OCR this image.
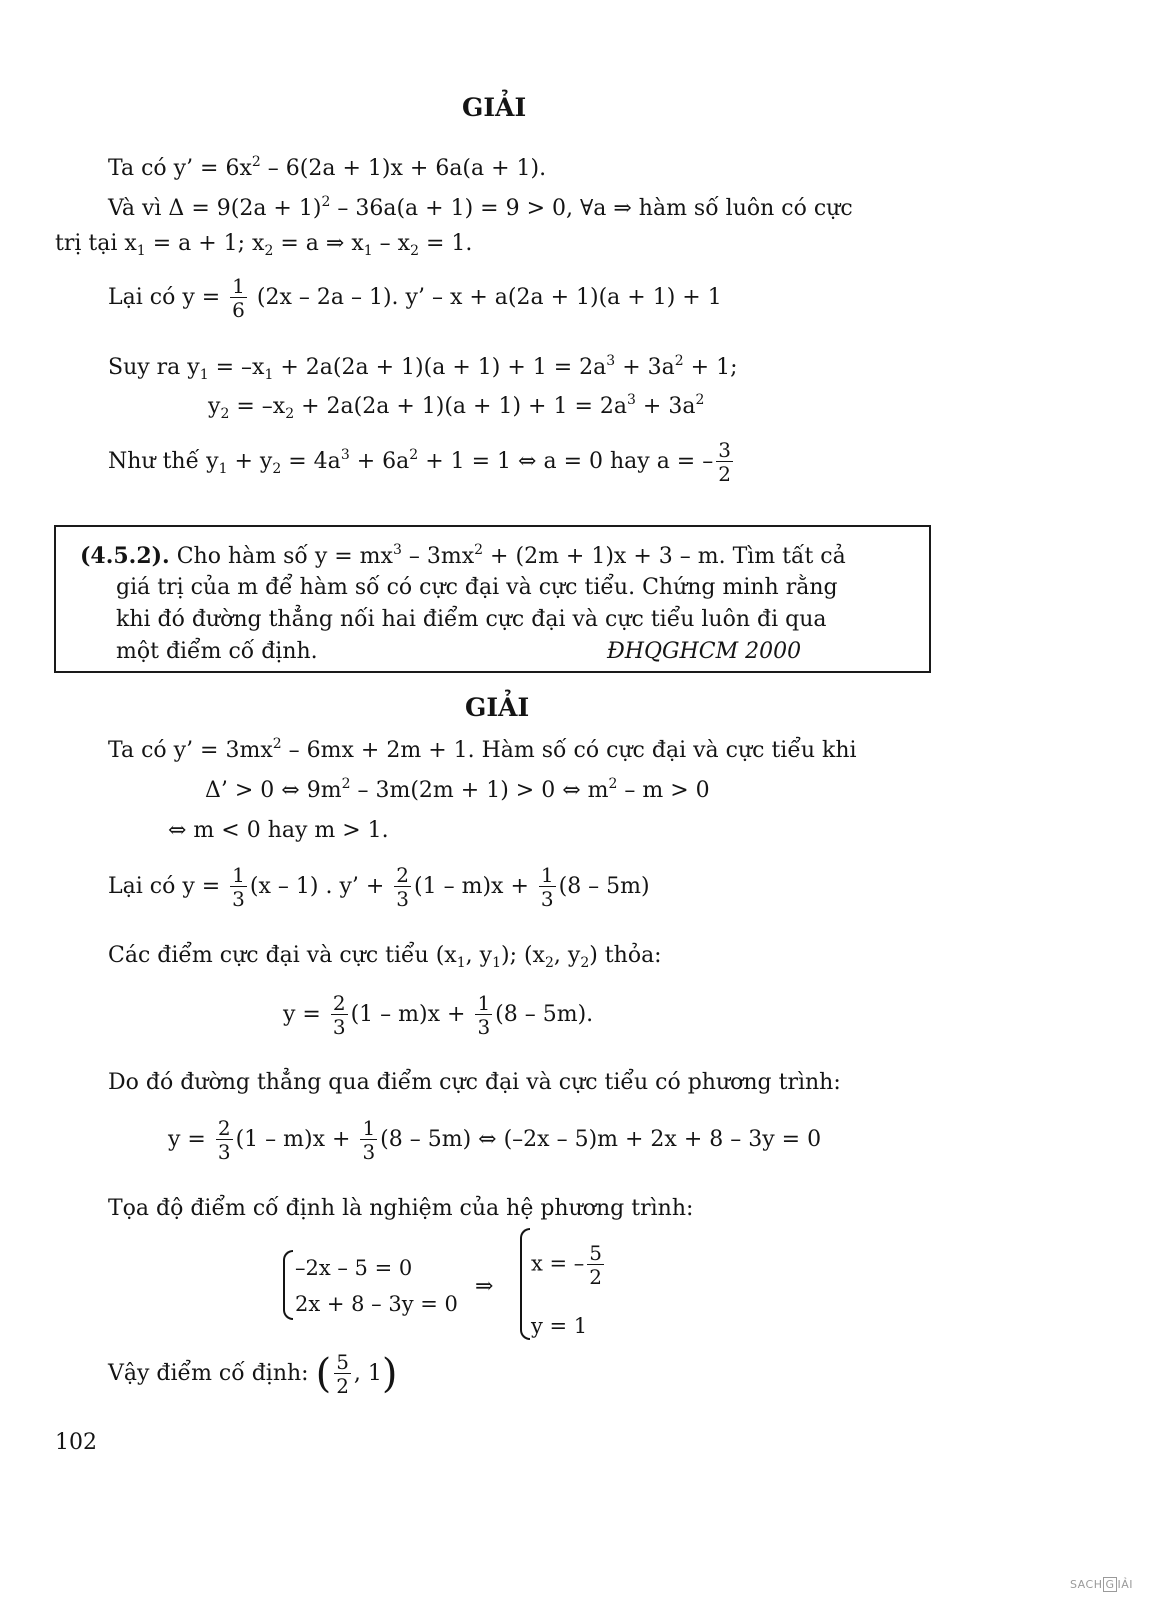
GIẢI
Ta có y’ = $6x^2 - 6(2a + 1)x + 6a(a + 1)$.
Và vì $\Delta = 9(2a + 1)^2 - 36a(a + 1) = 9 > 0$, ∀a ⇒ hàm số luôn có cực
trị tại $x_1 = a + 1$; $x_2 = a$ ⇒ $x_1 - x_2 = 1$.
Lại có $y = \frac{1}{6} (2x - 2a - 1)$. y’ – x + a(2a + 1)(a + 1) + 1
Suy ra $y_1 = -x_1 + 2a(2a + 1)(a + 1) + 1 = 2a^3 + 3a^2 + 1$;
$y_2 = -x_2 + 2a(2a + 1)(a + 1) + 1 = 2a^3 + 3a^2$
Như thế $y_1 + y_2 = 4a^3 + 6a^2 + 1 = 1$ ⇔ a = 0 hay a = – $\frac{3}{2}$
(4.5.2). Cho hàm số $y = mx^3 - 3mx^2 + (2m + 1)x + 3 - m$. Tìm tất cả
giá trị của m để hàm số có cực đại và cực tiểu. Chứng minh rằng
khi đó đường thẳng nối hai điểm cực đại và cực tiểu luôn đi qua
một điểm cố định.	ĐHQGHCM 2000
GIẢI
Ta có y’ = $3mx^2 - 6mx + 2m + 1$. Hàm số có cực đại và cực tiểu khi
Δ’ > 0 ⇔ $9m^2 - 3m(2m + 1) > 0$ ⇔ $m^2 - m > 0$
⇔ m < 0 hay m > 1.
Lại có $y = \frac{1}{3} (x - 1)$ . y’ + $\frac{2}{3} (1 - m)x + \frac{1}{3} (8 - 5m)$
Các điểm cực đại và cực tiểu ($x_1$, $y_1$); ($x_2$, $y_2$) thỏa:
$y = \frac{2}{3} (1 - m)x + \frac{1}{3} (8 - 5m)$.
Do đó đường thẳng qua điểm cực đại và cực tiểu có phương trình:
$y = \frac{2}{3} (1 - m)x + \frac{1}{3} (8 - 5m)$ ⇔ (–2x – 5)m + 2x + 8 – 3y = 0
Tọa độ điểm cố định là nghiệm của hệ phương trình:
–2x – 5 = 0
2x + 8 – 3y = 0
⇒
x = – $\frac{5}{2}$
y = 1
Vậy điểm cố định: ( $\frac{5}{2}$ , 1)
102
SACH G IẢI
